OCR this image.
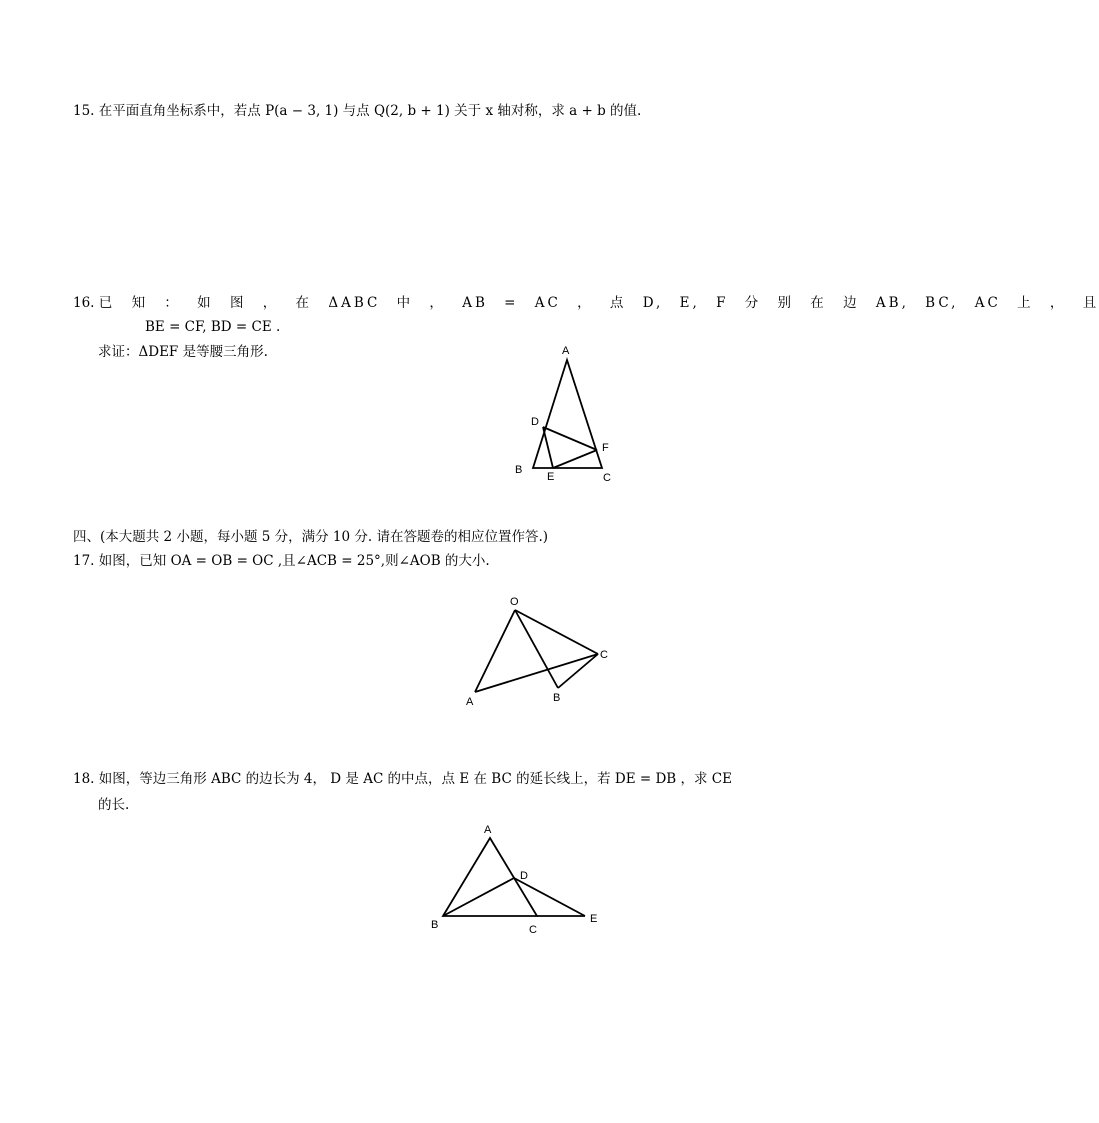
15. 在平面直角坐标系中，若点 P(a − 3, 1) 与点 Q(2, b + 1) 关于 x 轴对称，求 a + b 的值.
16. 已 知 ： 如 图 ， 在 ΔABC 中 ， AB = AC ， 点 D, E, F 分 别 在 边 AB, BC, AC 上 ， 且
BE = CF, BD = CE .
求证：ΔDEF 是等腰三角形.	A
B
C
D
E
F
四、(本大题共 2 小题，每小题 5 分，满分 10 分. 请在答题卷的相应位置作答.)
17. 如图，已知 OA = OB = OC ,且∠ACB = 25°,则∠AOB 的大小.
O
A	B
C
18. 如图，等边三角形 ABC 的边长为 4， D 是 AC 的中点，点 E 在 BC 的延长线上，若 DE = DB ，求 CE
的长.
A
B	C
D
E
